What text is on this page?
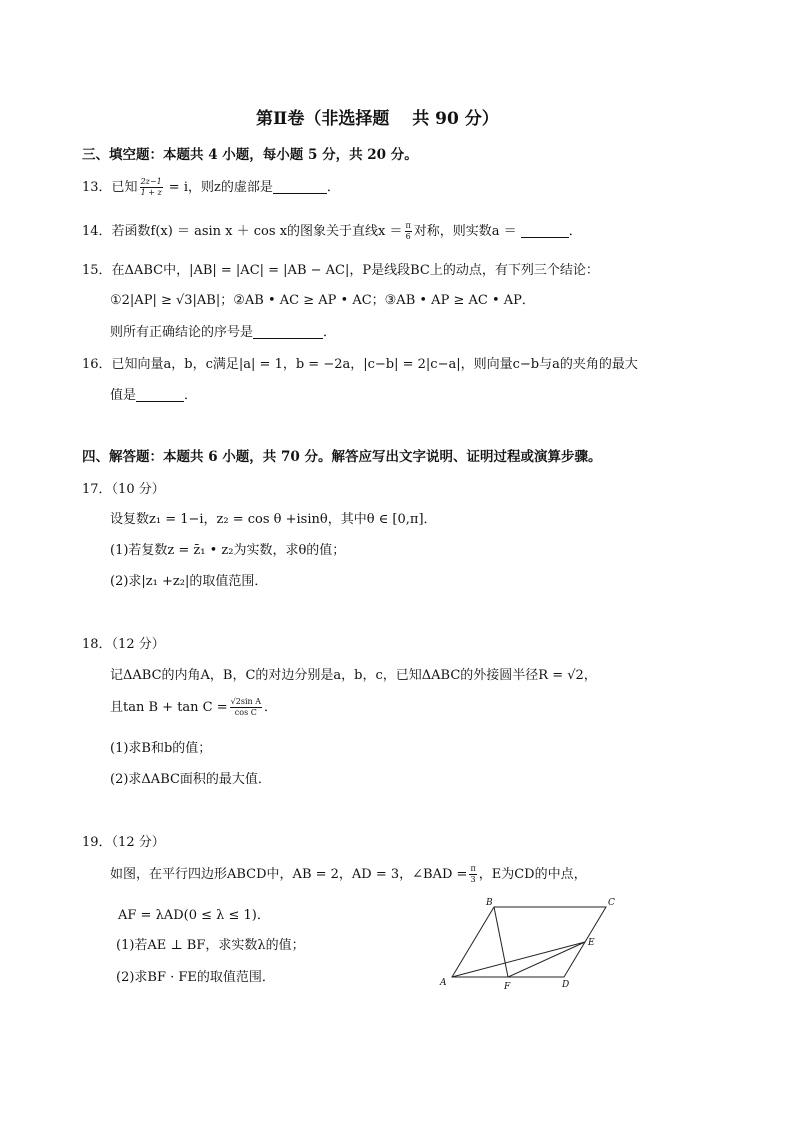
第Ⅱ卷（非选择题　 共 90 分）
三、填空题：本题共 4 小题，每小题 5 分，共 20 分。
13．已知 $\frac{2z-1}{1 + z} = i$，则z的虚部是	．
14．若函数f(x) ＝ asin x ＋ cos x的图象关于直线$x = \frac{\pi}{6}$ 对称，则实数a ＝	．
15．在ΔABC中，|AB| = |AC| = |AB − AC|，P是线段BC上的动点，有下列三个结论：
①2|AP| ≥ √3|AB|；②AB • AC ≥ AP • AC；③AB • AP ≥ AC • AP．
则所有正确结论的序号是	．
16．已知向量a，b，c满足|a| = 1，b = −2a，|c−b| = 2|c−a|，则向量c−b与a的夹角的最大
值是	．
四、解答题：本题共 6 小题，共 70 分。解答应写出文字说明、证明过程或演算步骤。
17．（10 分）
设复数z₁ = 1−i，z₂ = cos θ +isinθ，其中θ ∈ [0,π]．
(1)若复数z = z̄₁ • z₂为实数，求θ的值；
(2)求|z₁ +z₂|的取值范围．
18．（12 分）
记ΔABC的内角A，B，C的对边分别是a，b，c，已知ΔABC的外接圆半径R = √2，
且$\tan B + \tan C = \frac{\text{√2sin A}}{\text{cos C}}$ ．
(1)求B和b的值；
(2)求ΔABC面积的最大值．
19．（12 分）
如图，在平行四边形ABCD中，AB = 2，AD = 3，∠BAD = $\frac{\pi}{3}$ ，E为CD的中点，
AF = λAD(0 ≤ λ ≤ 1)．
(1)若AE ⊥ BF，求实数λ的值；
(2)求BF · FE的取值范围．	A
B	C
D
E
F
